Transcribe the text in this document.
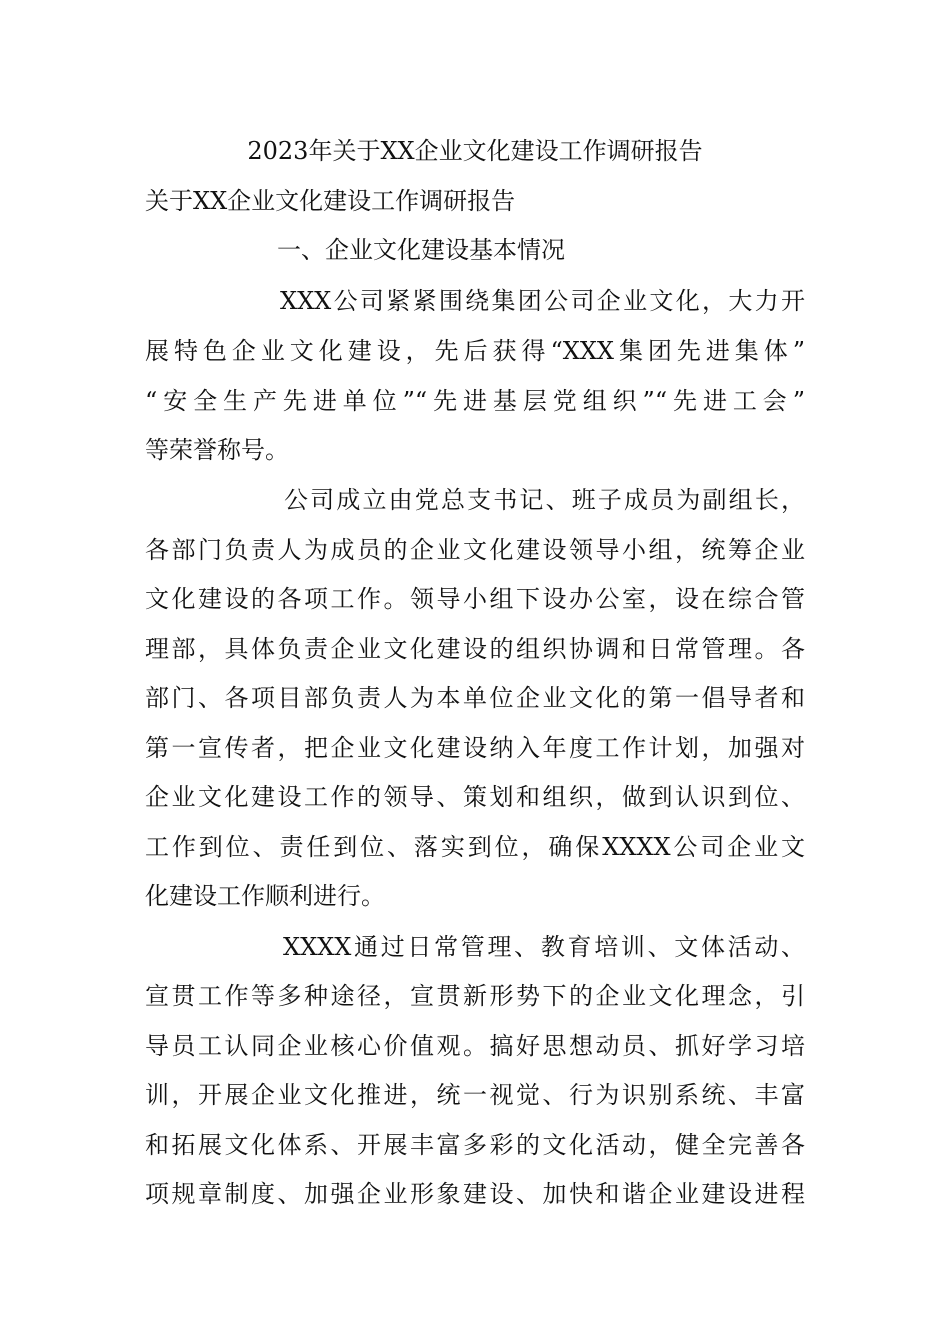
2023年关于XX企业文化建设工作调研报告
关于XX企业文化建设工作调研报告
一、企业文化建设基本情况
XXX公司紧紧围绕集团公司企业文化，大力开
展特色企业文化建设，先后获得“XXX集团先进集体”
“安全生产先进单位”“先进基层党组织”“先进工会”
等荣誉称号。
公司成立由党总支书记、班子成员为副组长，
各部门负责人为成员的企业文化建设领导小组，统筹企业
文化建设的各项工作。领导小组下设办公室，设在综合管
理部，具体负责企业文化建设的组织协调和日常管理。各
部门、各项目部负责人为本单位企业文化的第一倡导者和
第一宣传者，把企业文化建设纳入年度工作计划，加强对
企业文化建设工作的领导、策划和组织，做到认识到位、
工作到位、责任到位、落实到位，确保XXXX公司企业文
化建设工作顺利进行。
XXXX通过日常管理、教育培训、文体活动、
宣贯工作等多种途径，宣贯新形势下的企业文化理念，引
导员工认同企业核心价值观。搞好思想动员、抓好学习培
训，开展企业文化推进，统一视觉、行为识别系统、丰富
和拓展文化体系、开展丰富多彩的文化活动，健全完善各
项规章制度、加强企业形象建设、加快和谐企业建设进程
